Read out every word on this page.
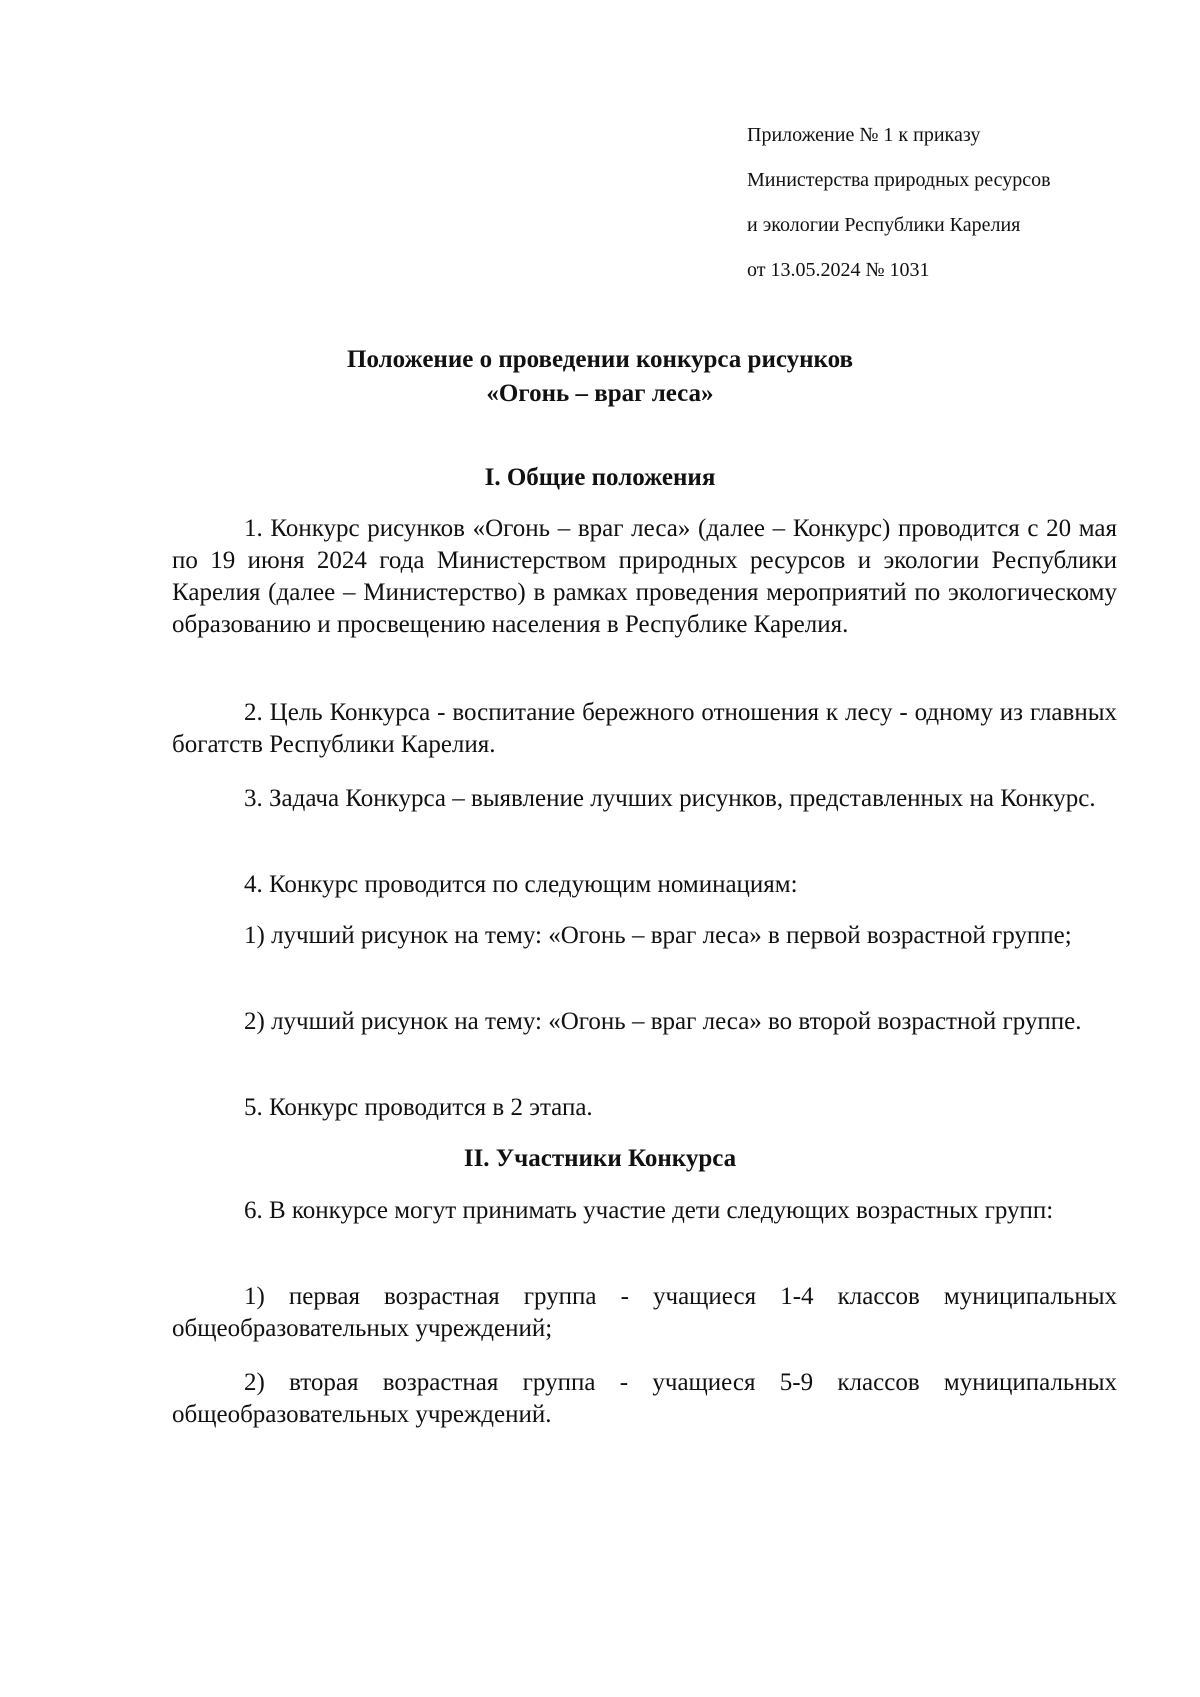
Приложение № 1 к приказу
Министерства природных ресурсов
и экологии Республики Карелия
от 13.05.2024 № 1031
Положение о проведении конкурса рисунков
«Огонь – враг леса»
I. Общие положения

1. Конкурс рисунков «Огонь – враг леса» (далее – Конкурс) проводится с 20 мая по 19 июня 2024 года Министерством природных ресурсов и экологии Республики Карелия (далее – Министерство) в рамках проведения мероприятий по экологическому образованию и просвещению населения в Республике Карелия.

2. Цель Конкурса - воспитание бережного отношения к лесу - одному из главных богатств Республики Карелия.

3. Задача Конкурса – выявление лучших рисунков, представленных на Конкурс.

4. Конкурс проводится по следующим номинациям:

1) лучший рисунок на тему: «Огонь – враг леса» в первой возрастной группе;

2) лучший рисунок на тему: «Огонь – враг леса» во второй возрастной группе.

5. Конкурс проводится в 2 этапа.

II. Участники Конкурса

6. В конкурсе могут принимать участие дети следующих возрастных групп:

1) первая возрастная группа - учащиеся 1-4 классов муниципальных общеобразовательных учреждений;

2) вторая возрастная группа - учащиеся 5-9 классов муниципальных общеобразовательных учреждений.
